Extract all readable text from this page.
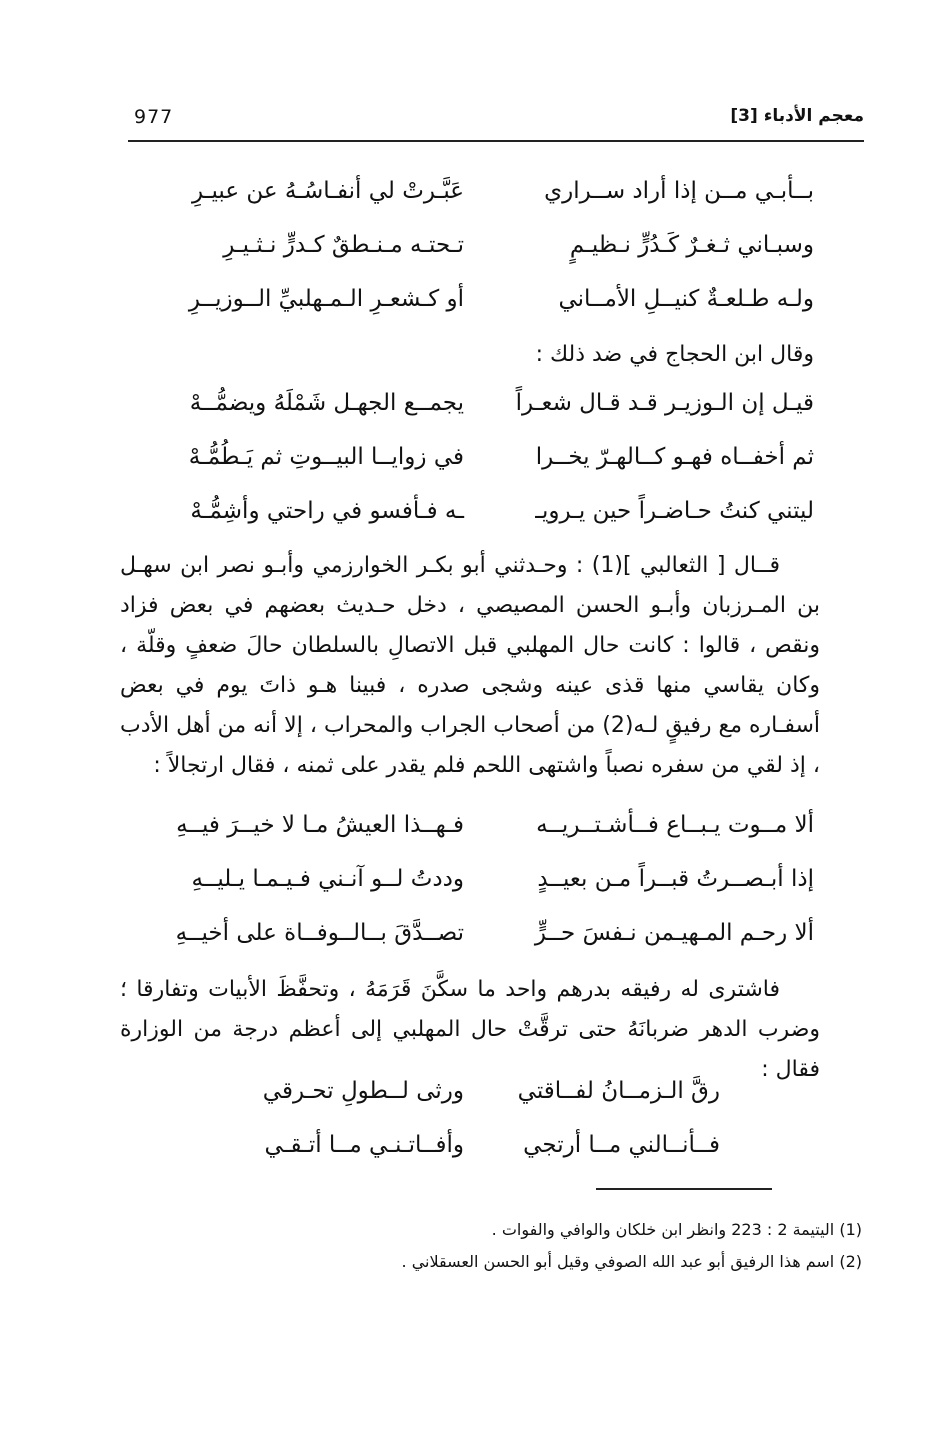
977	معجم الأدباء [3]
بــأبـي مــن إذا أراد ســراري
عَبَّـرتْ لي أنفـاسُـهُ عن عبيـرِ
وسبـاني ثـغـرٌ كَـدُرٍّ نـظيـمٍ
تـحتـه مـنـطقٌ كـدرٍّ نـثـيـرِ
ولـه طـلعـةٌ كنيــلِ الأمــاني
أو كـشعـرِ الـمـهلبيِّ الــوزيــرِ
وقال ابن الحجاج في ضد ذلك :
قيـل إن الـوزيـر قـد قـال شعـراً
يجمــع الجهـل شَمْلَهُ ويضمُّــهْ
ثم أخفــاه فهـو كــالهـرّ يخــرا
في زوايــا البيــوتِ ثم يَـطُمُّـهْ
ليتني كنتُ حـاضـراً حين يـرويـ
ـه فـأفسو في راحتي وأشِمُّـهْ
قــال [ الثعالبي ](1) : وحـدثني أبو بكـر الخوارزمي وأبـو نصر ابن سهـل بن المـرزبان وأبـو الحسن المصيصي ، دخل حـديث بعضهم في بعض فزاد ونقص ، قالوا : كانت حال المهلبي قبل الاتصالِ بالسلطان حالَ ضعفٍ وقلّة ، وكان يقاسي منها قذى عينه وشجى صدره ، فبينا هـو ذاتَ يوم في بعض أسفـاره مع رفيقٍ لـه(2) من أصحاب الجراب والمحراب ، إلا أنه من أهل الأدب ، إذ لقي من سفره نصباً واشتهى اللحم فلم يقدر على ثمنه ، فقال ارتجالاً :
ألا مــوت يـبــاع فــأشـتــريــه
فـهــذا العيشُ مـا لا خيــرَ فيــهِ
إذا أبـصــرتُ قبــراً مـن بعيــدٍ
وددتُ لــو آنـني فـيـمـا يـليــهِ
ألا رحـم المـهيـمن نـفسَ حــرٍّ
تصــدَّقَ بــالــوفــاة على أخيــهِ
فاشترى له رفيقه بدرهم واحد ما سكَّنَ قَرَمَهُ ، وتحفَّظَ الأبيات وتفارقا ؛ وضرب الدهر ضربانَهُ حتى ترقَّتْ حال المهلبي إلى أعظم درجة من الوزارة فقال :
رقَّ الـزمــانُ لفــاقتي
ورثى لــطولِ تحـرقي
فــأنــالني مــا أرتجي
وأفــاتـنـي مــا أتـقـي
(1) اليتيمة 2 : 223 وانظر ابن خلكان والوافي والفوات .
(2) اسم هذا الرفيق أبو عبد الله الصوفي وقيل أبو الحسن العسقلاني .
